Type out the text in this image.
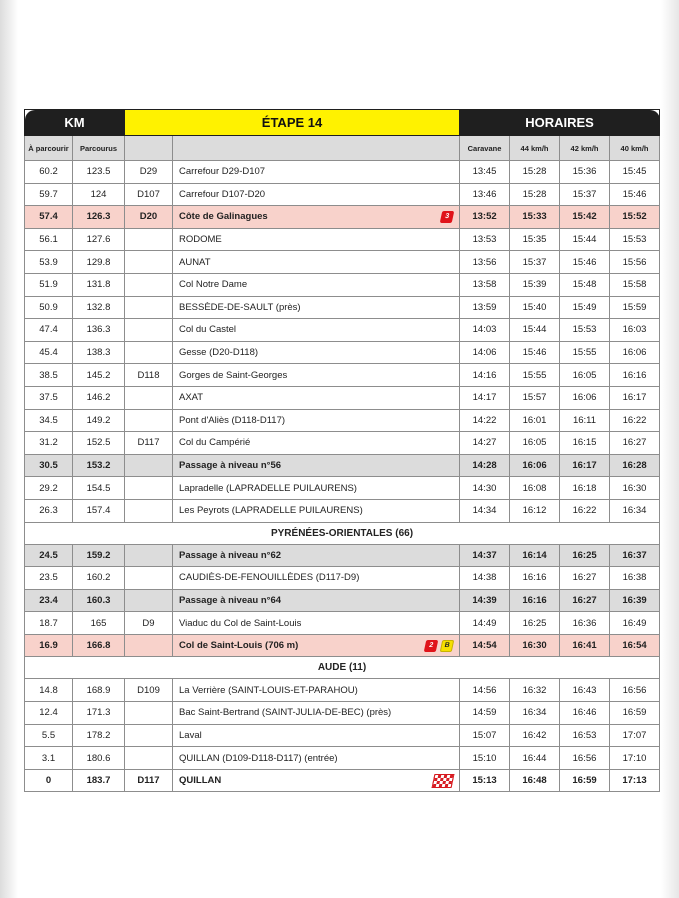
KM		ÉTAPE 14		HORAIRES			
À parcourir	Parcourus			Caravane	44 km/h	42 km/h	40 km/h
60.2	123.5	D29	Carrefour D29-D107	13:45	15:28	15:36	15:45
59.7	124	D107	Carrefour D107-D20	13:46	15:28	15:37	15:46
57.4	126.3	D20	Côte de Galinagues 3	13:52	15:33	15:42	15:52
56.1	127.6		RODOME	13:53	15:35	15:44	15:53
53.9	129.8		AUNAT	13:56	15:37	15:46	15:56
51.9	131.8		Col Notre Dame	13:58	15:39	15:48	15:58
50.9	132.8		BESSÈDE-DE-SAULT (près)	13:59	15:40	15:49	15:59
47.4	136.3		Col du Castel	14:03	15:44	15:53	16:03
45.4	138.3		Gesse (D20-D118)	14:06	15:46	15:55	16:06
38.5	145.2	D118	Gorges de Saint-Georges	14:16	15:55	16:05	16:16
37.5	146.2		AXAT	14:17	15:57	16:06	16:17
34.5	149.2		Pont d'Aliès (D118-D117)	14:22	16:01	16:11	16:22
31.2	152.5	D117	Col du Campérié	14:27	16:05	16:15	16:27
30.5	153.2		Passage à niveau n°56	14:28	16:06	16:17	16:28
29.2	154.5		Lapradelle (LAPRADELLE PUILAURENS)	14:30	16:08	16:18	16:30
26.3	157.4		Les Peyrots (LAPRADELLE PUILAURENS)	14:34	16:12	16:22	16:34
PYRÉNÉES-ORIENTALES (66)							
24.5	159.2		Passage à niveau n°62	14:37	16:14	16:25	16:37
23.5	160.2		CAUDIÈS-DE-FENOUILLÈDES (D117-D9)	14:38	16:16	16:27	16:38
23.4	160.3		Passage à niveau n°64	14:39	16:16	16:27	16:39
18.7	165	D9	Viaduc du Col de Saint-Louis	14:49	16:25	16:36	16:49
16.9	166.8		Col de Saint-Louis (706 m) 2 B	14:54	16:30	16:41	16:54
AUDE (11)							
14.8	168.9	D109	La Verrière (SAINT-LOUIS-ET-PARAHOU)	14:56	16:32	16:43	16:56
12.4	171.3		Bac Saint-Bertrand (SAINT-JULIA-DE-BEC) (près)	14:59	16:34	16:46	16:59
5.5	178.2		Laval	15:07	16:42	16:53	17:07
3.1	180.6		QUILLAN (D109-D118-D117) (entrée)	15:10	16:44	16:56	17:10
0	183.7	D117	QUILLAN	15:13	16:48	16:59	17:13
